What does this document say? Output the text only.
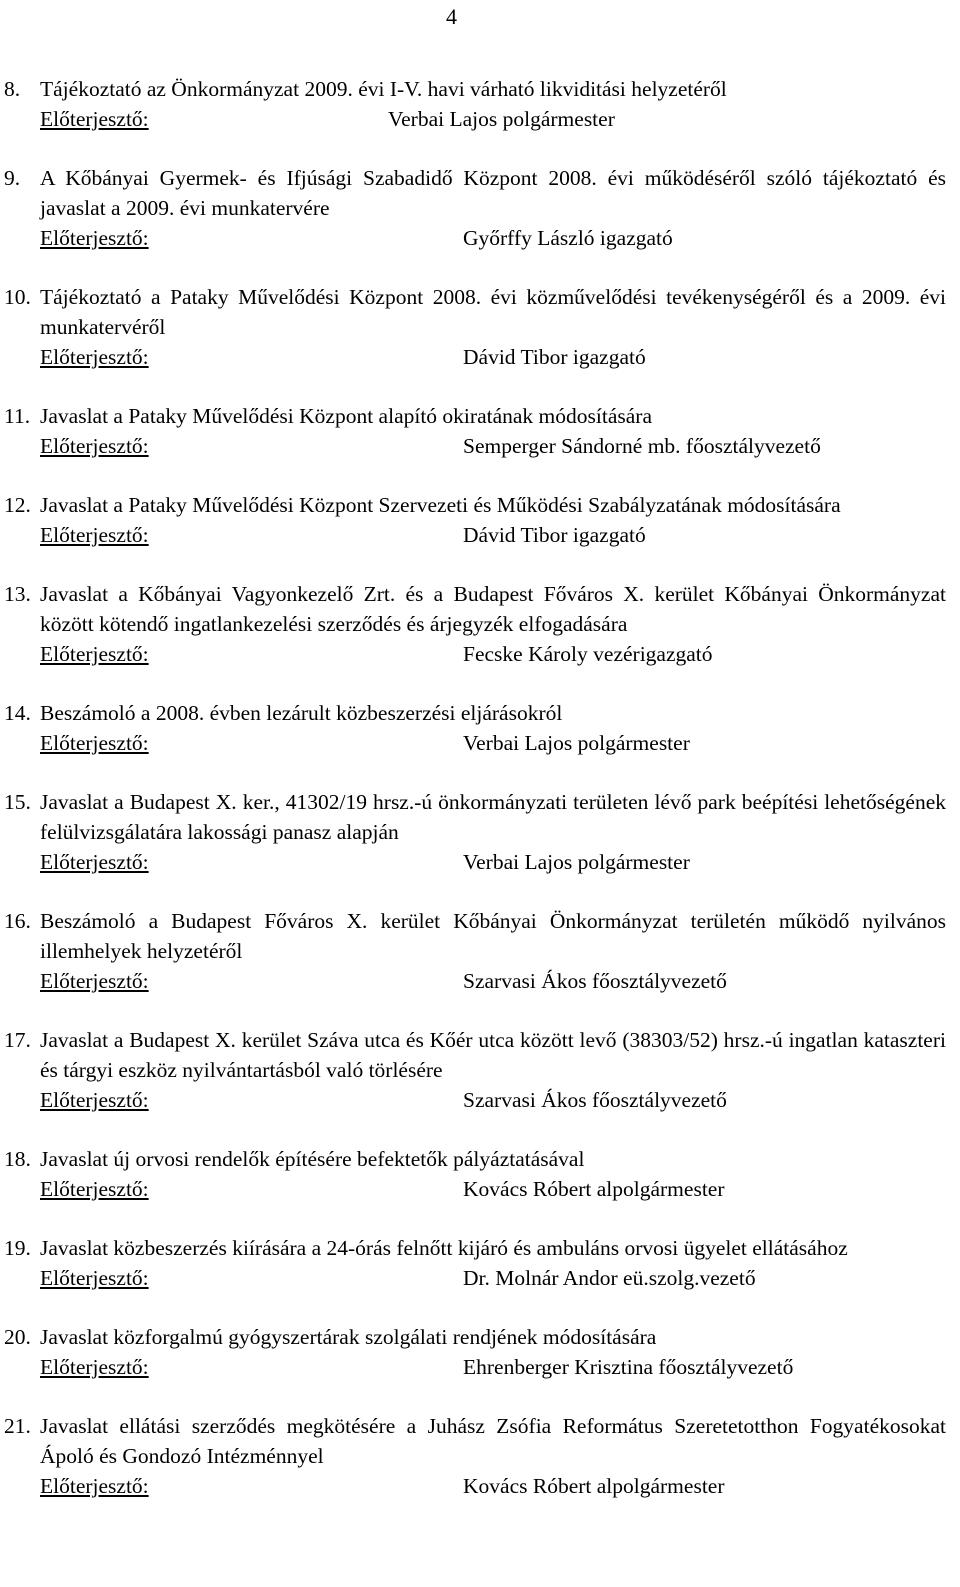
4
8. Tájékoztató az Önkormányzat 2009. évi I-V. havi várható likviditási helyzetéről
Előterjesztő:	Verbai Lajos polgármester
9. A Kőbányai Gyermek- és Ifjúsági Szabadidő Központ 2008. évi működéséről szóló tájékoztató és javaslat a 2009. évi munkatervére
Előterjesztő:	Győrffy László igazgató
10. Tájékoztató a Pataky Művelődési Központ 2008. évi közművelődési tevékenységéről és a 2009. évi munkatervéről
Előterjesztő:	Dávid Tibor igazgató
11. Javaslat a Pataky Művelődési Központ alapító okiratának módosítására
Előterjesztő:	Semperger Sándorné mb. főosztályvezető
12. Javaslat a Pataky Művelődési Központ Szervezeti és Működési Szabályzatának módosítására
Előterjesztő:	Dávid Tibor igazgató
13. Javaslat a Kőbányai Vagyonkezelő Zrt. és a Budapest Főváros X. kerület Kőbányai Önkormányzat között kötendő ingatlankezelési szerződés és árjegyzék elfogadására
Előterjesztő:	Fecske Károly vezérigazgató
14. Beszámoló a 2008. évben lezárult közbeszerzési eljárásokról
Előterjesztő:	Verbai Lajos polgármester
15. Javaslat a Budapest X. ker., 41302/19 hrsz.-ú önkormányzati területen lévő park beépítési lehetőségének felülvizsgálatára lakossági panasz alapján
Előterjesztő:	Verbai Lajos polgármester
16. Beszámoló a Budapest Főváros X. kerület Kőbányai Önkormányzat területén működő nyilvános illemhelyek helyzetéről
Előterjesztő:	Szarvasi Ákos főosztályvezető
17. Javaslat a Budapest X. kerület Száva utca és Kőér utca között levő (38303/52) hrsz.-ú ingatlan kataszteri és tárgyi eszköz nyilvántartásból való törlésére
Előterjesztő:	Szarvasi Ákos főosztályvezető
18. Javaslat új orvosi rendelők építésére befektetők pályáztatásával
Előterjesztő:	Kovács Róbert alpolgármester
19. Javaslat közbeszerzés kiírására a 24-órás felnőtt kijáró és ambuláns orvosi ügyelet ellátásához
Előterjesztő:	Dr. Molnár Andor eü.szolg.vezető
20. Javaslat közforgalmú gyógyszertárak szolgálati rendjének módosítására
Előterjesztő:	Ehrenberger Krisztina főosztályvezető
21. Javaslat ellátási szerződés megkötésére a Juhász Zsófia Református Szeretetotthon Fogyatékosokat Ápoló és Gondozó Intézménnyel
Előterjesztő:	Kovács Róbert alpolgármester
